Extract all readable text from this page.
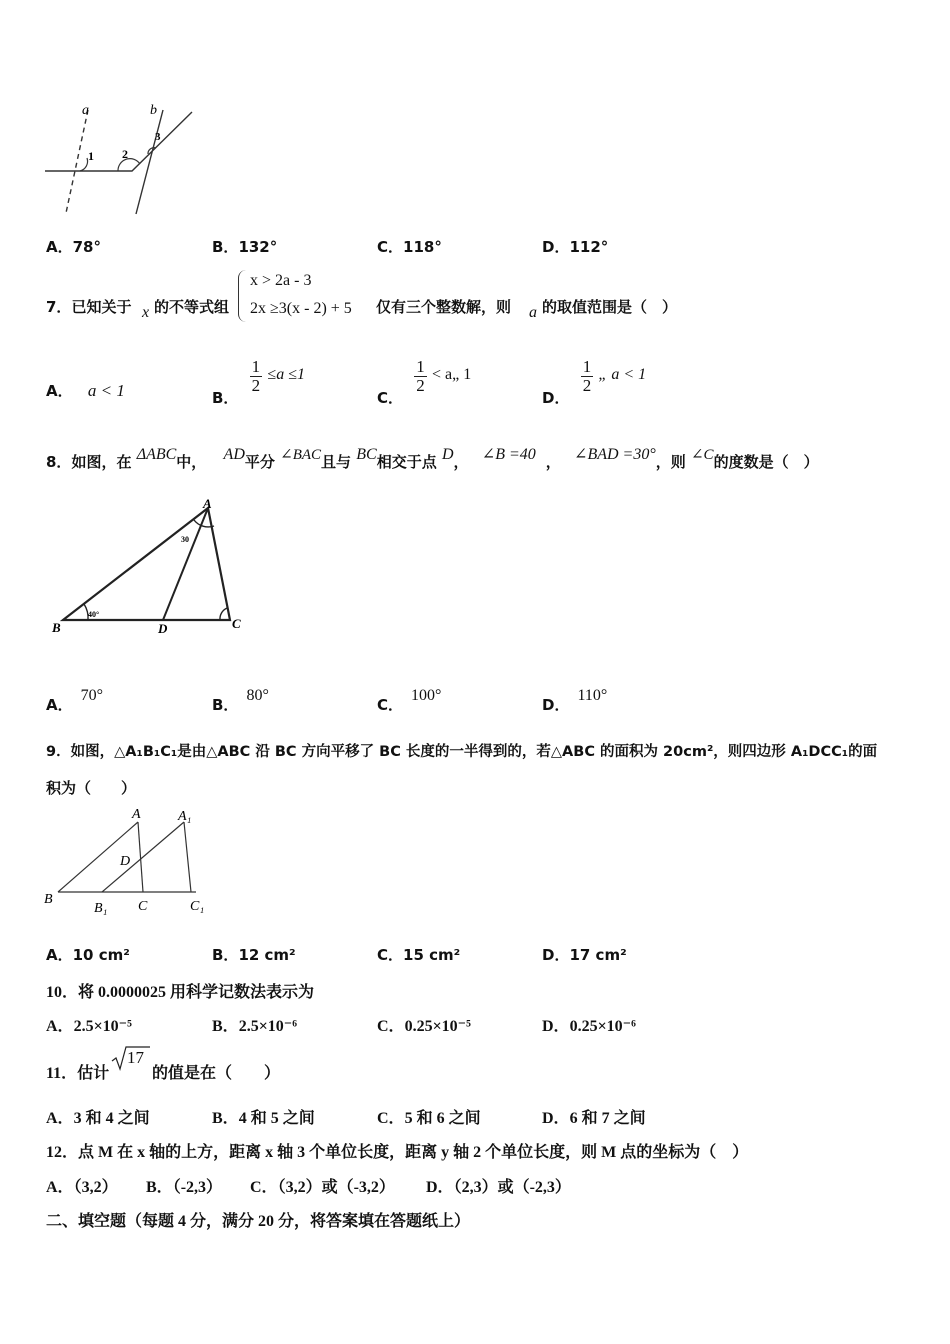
a	b
1 2
3
A．78°	B．132°	C．118°	D．112°
7．已知关于 x 的不等式组
x > 2a - 3
2x ≥3(x - 2) + 5 仅有三个整数解，则 a 的取值范围是（　）
A． a < 1	B．
$\frac{1}{2} \le a \le 1$
C．
$\frac{1}{2}$ < a„ 1
D．
$\frac{1}{2}$ „ a < 1
8．如图，在 ΔABC中， AD平分 ∠BAC且与 BC相交于点 D， ∠B =40 ， ∠BAD =30°，则 ∠C的度数是（　）
A
B	D	C
30
40°
A．70°
B．80°
C．100°
D．110°
9．如图，△A₁B₁C₁是由△ABC 沿 BC 方向平移了 BC 长度的一半得到的，若△ABC 的面积为 20cm²，则四边形 A₁DCC₁的面
积为（　　）
A	A₁
D
B
B₁ C	C₁
A．10 cm²	B．12 cm²	C．15 cm²	D．17 cm²
10．将 0.0000025 用科学记数法表示为
A．2.5×10⁻⁵	B．2.5×10⁻⁶	C．0.25×10⁻⁵	D．0.25×10⁻⁶
11．估计
17
的值是在（　　）
A．3 和 4 之间	B．4 和 5 之间	C．5 和 6 之间	D．6 和 7 之间
12．点 M 在 x 轴的上方，距离 x 轴 3 个单位长度，距离 y 轴 2 个单位长度，则 M 点的坐标为（　）
A．（3,2） B．（-2,3） C．（3,2）或（-3,2） D．（2,3）或（-2,3）
二、填空题（每题 4 分，满分 20 分，将答案填在答题纸上）
